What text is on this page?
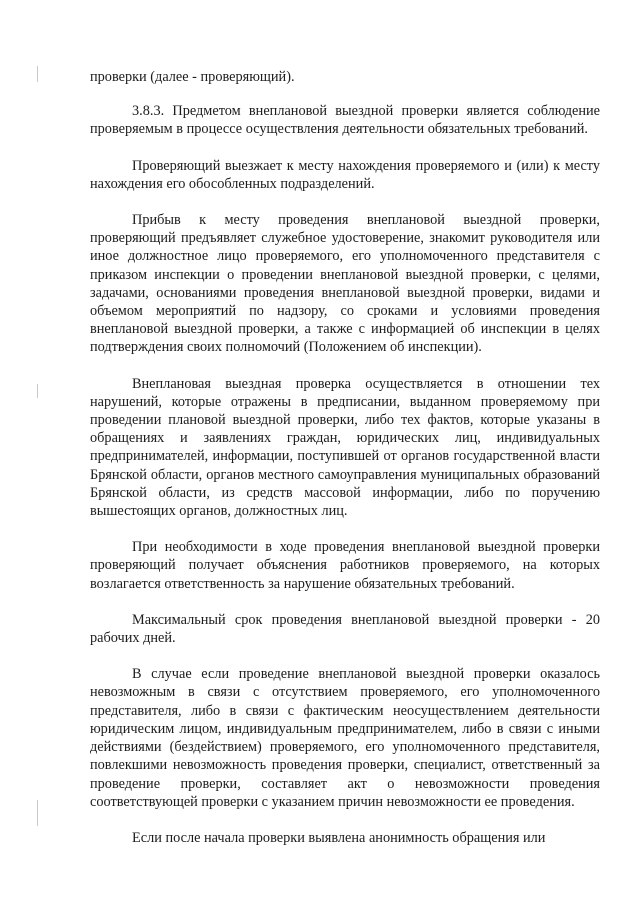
проверки (далее - проверяющий).

3.8.3. Предметом внеплановой выездной проверки является соблюдение проверяемым в процессе осуществления деятельности обязательных требований.

Проверяющий выезжает к месту нахождения проверяемого и (или) к месту нахождения его обособленных подразделений.

Прибыв к месту проведения внеплановой выездной проверки, проверяющий предъявляет служебное удостоверение, знакомит руководителя или иное должностное лицо проверяемого, его уполномоченного представителя с приказом инспекции о проведении внеплановой выездной проверки, с целями, задачами, основаниями проведения внеплановой выездной проверки, видами и объемом мероприятий по надзору, со сроками и условиями проведения внеплановой выездной проверки, а также с информацией об инспекции в целях подтверждения своих полномочий (Положением об инспекции).

Внеплановая выездная проверка осуществляется в отношении тех нарушений, которые отражены в предписании, выданном проверяемому при проведении плановой выездной проверки, либо тех фактов, которые указаны в обращениях и заявлениях граждан, юридических лиц, индивидуальных предпринимателей, информации, поступившей от органов государственной власти Брянской области, органов местного самоуправления муниципальных образований Брянской области, из средств массовой информации, либо по поручению вышестоящих органов, должностных лиц.

При необходимости в ходе проведения внеплановой выездной проверки проверяющий получает объяснения работников проверяемого, на которых возлагается ответственность за нарушение обязательных требований.

Максимальный срок проведения внеплановой выездной проверки - 20 рабочих дней.

В случае если проведение внеплановой выездной проверки оказалось невозможным в связи с отсутствием проверяемого, его уполномоченного представителя, либо в связи с фактическим неосуществлением деятельности юридическим лицом, индивидуальным предпринимателем, либо в связи с иными действиями (бездействием) проверяемого, его уполномоченного представителя, повлекшими невозможность проведения проверки, специалист, ответственный за проведение проверки, составляет акт о невозможности проведения соответствующей проверки с указанием причин невозможности ее проведения.

Если после начала проверки выявлена анонимность обращения или
